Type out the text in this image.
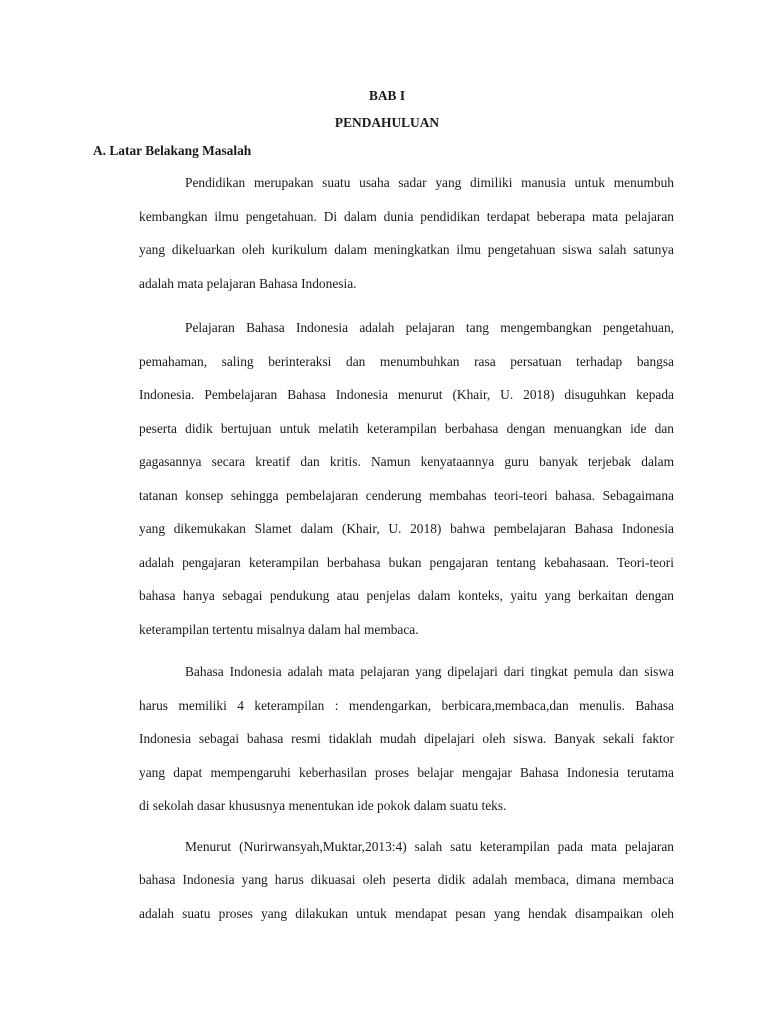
BAB I
PENDAHULUAN
A. Latar Belakang Masalah
Pendidikan merupakan suatu usaha sadar yang dimiliki manusia untuk menumbuh
kembangkan ilmu pengetahuan. Di dalam dunia pendidikan terdapat beberapa mata pelajaran
yang dikeluarkan oleh kurikulum dalam meningkatkan ilmu pengetahuan siswa salah satunya
adalah mata pelajaran Bahasa Indonesia.
Pelajaran Bahasa Indonesia adalah pelajaran tang mengembangkan pengetahuan,
pemahaman, saling berinteraksi dan menumbuhkan rasa persatuan terhadap bangsa
Indonesia. Pembelajaran Bahasa Indonesia menurut (Khair, U. 2018) disuguhkan kepada
peserta didik bertujuan untuk melatih keterampilan berbahasa dengan menuangkan ide dan
gagasannya secara kreatif dan kritis. Namun kenyataannya guru banyak terjebak dalam
tatanan konsep sehingga pembelajaran cenderung membahas teori-teori bahasa. Sebagaimana
yang dikemukakan Slamet dalam (Khair, U. 2018) bahwa pembelajaran Bahasa Indonesia
adalah pengajaran keterampilan berbahasa bukan pengajaran tentang kebahasaan. Teori-teori
bahasa hanya sebagai pendukung atau penjelas dalam konteks, yaitu yang berkaitan dengan
keterampilan tertentu misalnya dalam hal membaca.
Bahasa Indonesia adalah mata pelajaran yang dipelajari dari tingkat pemula dan siswa
harus memiliki 4 keterampilan : mendengarkan, berbicara,membaca,dan menulis. Bahasa
Indonesia sebagai bahasa resmi tidaklah mudah dipelajari oleh siswa. Banyak sekali faktor
yang dapat mempengaruhi keberhasilan proses belajar mengajar Bahasa Indonesia terutama
di sekolah dasar khususnya menentukan ide pokok dalam suatu teks.
Menurut (Nurirwansyah,Muktar,2013:4) salah satu keterampilan pada mata pelajaran
bahasa Indonesia yang harus dikuasai oleh peserta didik adalah membaca, dimana membaca
adalah suatu proses yang dilakukan untuk mendapat pesan yang hendak disampaikan oleh
